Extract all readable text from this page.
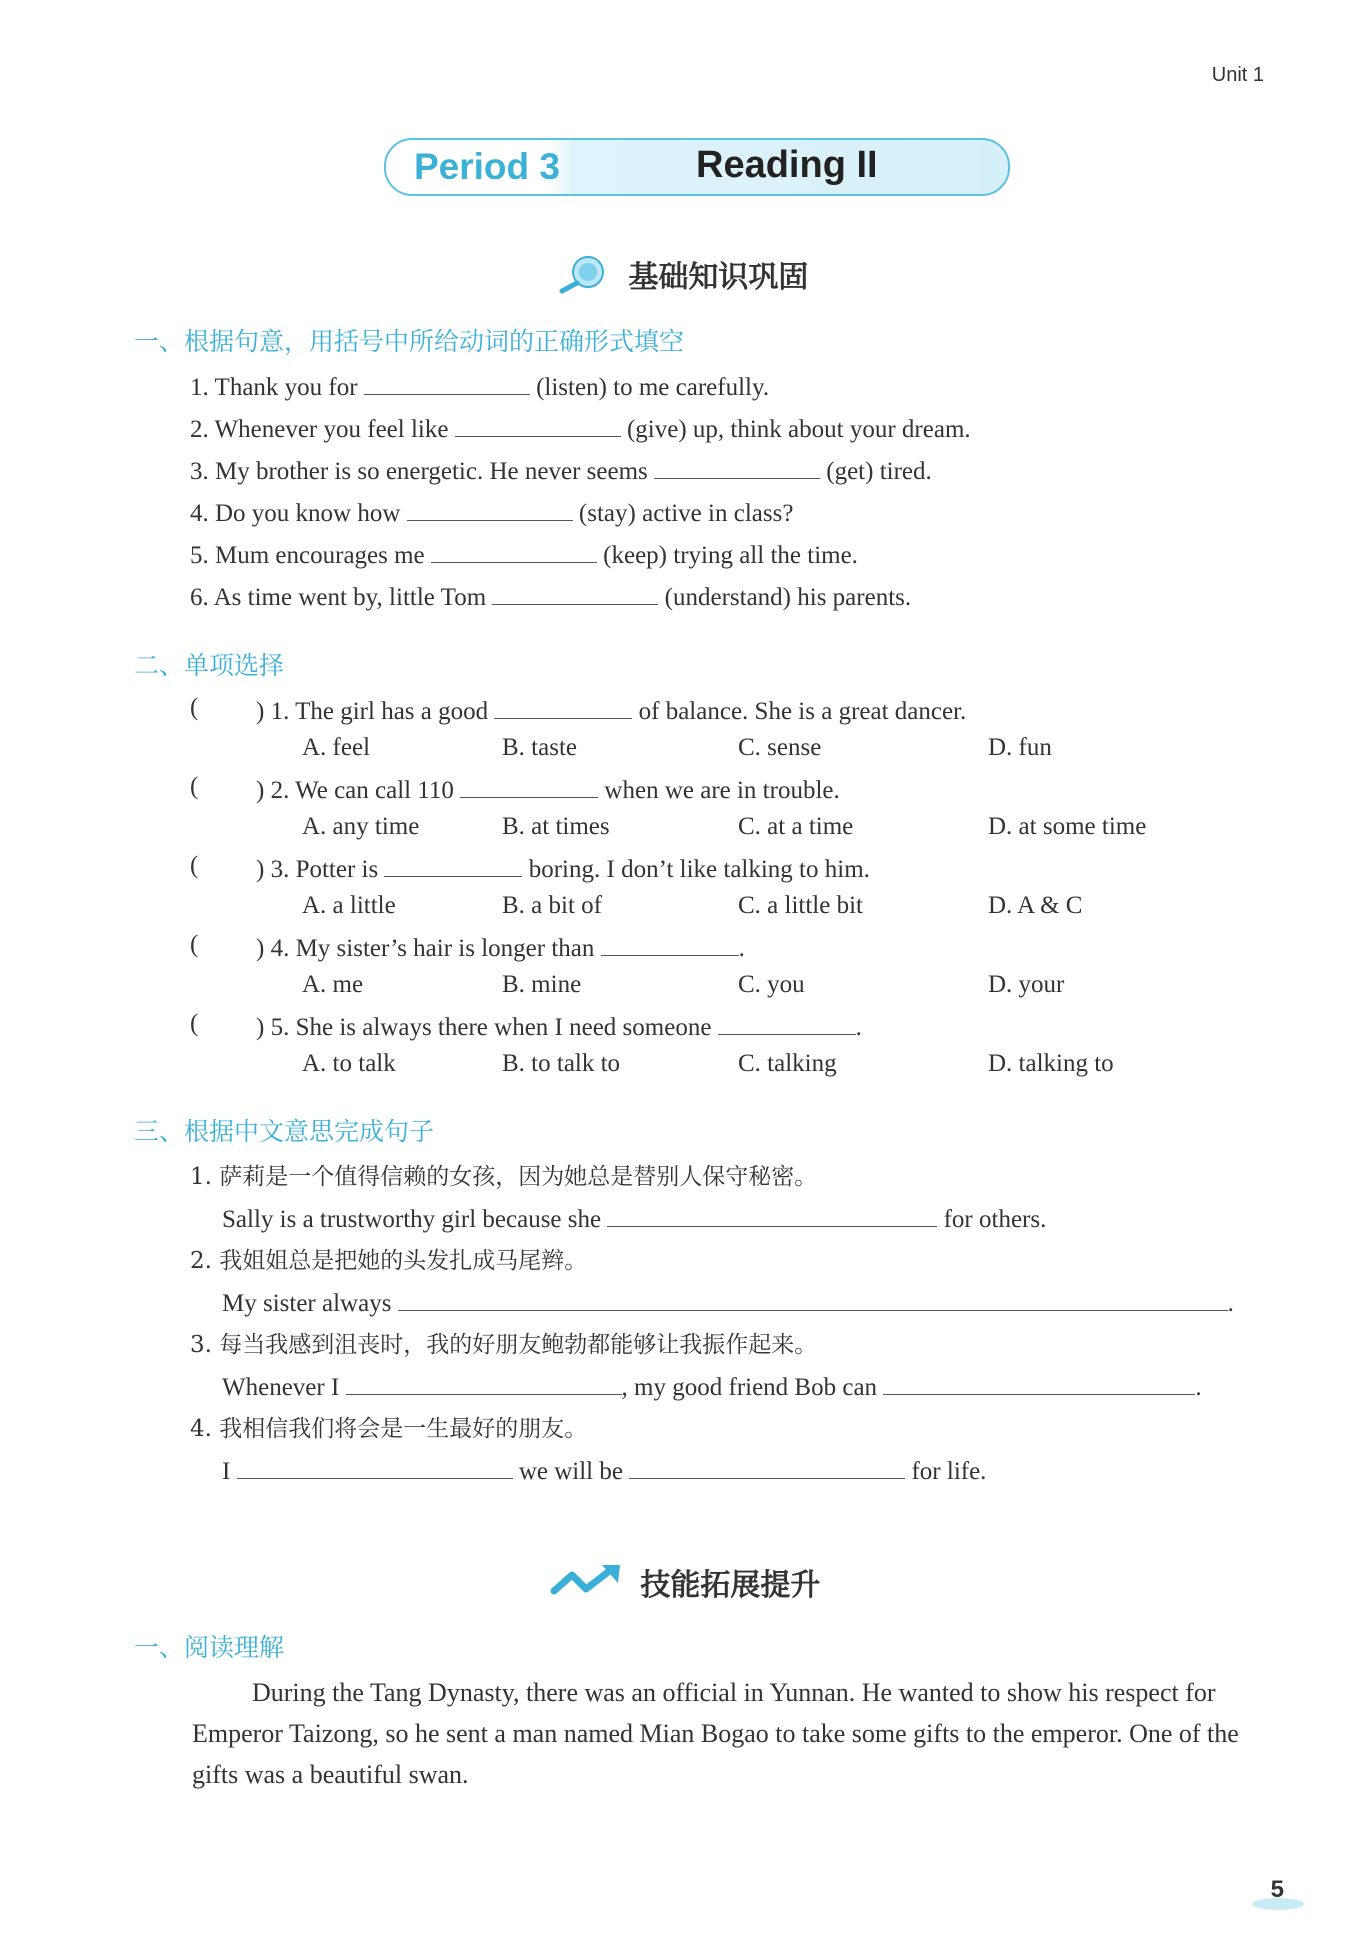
Unit 1
Period 3	Reading II
基础知识巩固
一、根据句意，用括号中所给动词的正确形式填空
1. Thank you for	(listen) to me carefully.
2. Whenever you feel like	(give) up, think about your dream.
3. My brother is so energetic. He never seems	(get) tired.
4. Do you know how	(stay) active in class?
5. Mum encourages me	(keep) trying all the time.
6. As time went by, little Tom	(understand) his parents.
二、单项选择
( ) 1. The girl has a good	of balance. She is a great dancer.
A. feel	B. taste	C. sense	D. fun
( ) 2. We can call 110	when we are in trouble.
A. any time	B. at times	C. at a time	D. at some time
( ) 3. Potter is	boring. I don’t like talking to him.
A. a little	B. a bit of	C. a little bit	D. A & C
( ) 4. My sister’s hair is longer than	.
A. me	B. mine	C. you	D. your
( ) 5. She is always there when I need someone	.
A. to talk	B. to talk to	C. talking	D. talking to
三、根据中文意思完成句子
1. 萨莉是一个值得信赖的女孩，因为她总是替别人保守秘密。
Sally is a trustworthy girl because she	for others.
2. 我姐姐总是把她的头发扎成马尾辫。
My sister always	.
3. 每当我感到沮丧时，我的好朋友鲍勃都能够让我振作起来。
Whenever I	, my good friend Bob can	.
4. 我相信我们将会是一生最好的朋友。
I	we will be	for life.
技能拓展提升
一、阅读理解
During the Tang Dynasty, there was an official in Yunnan. He wanted to show his respect for Emperor Taizong, so he sent a man named Mian Bogao to take some gifts to the emperor. One of the gifts was a beautiful swan.
5
